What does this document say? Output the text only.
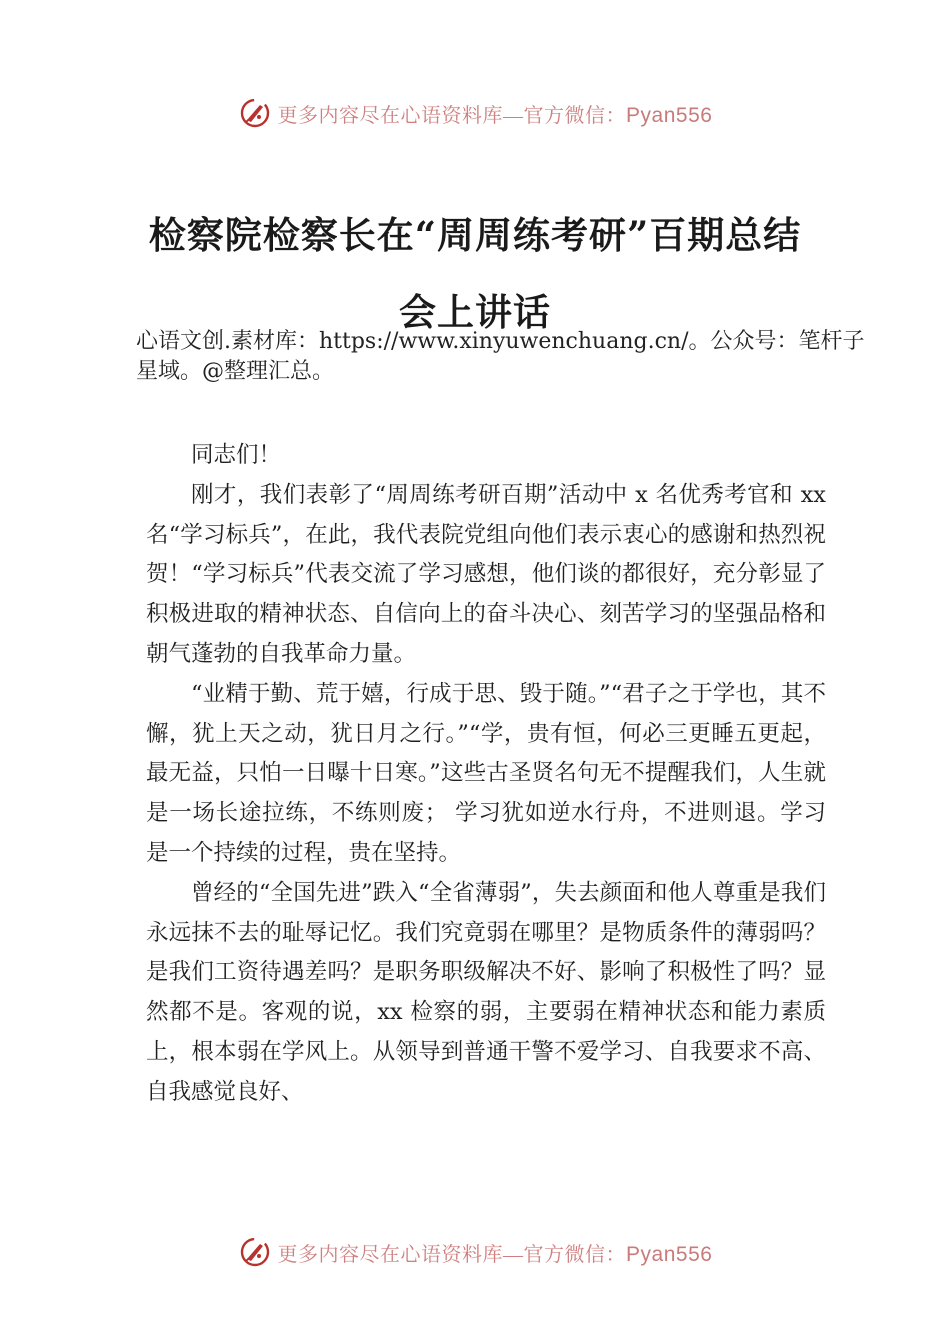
更多内容尽在心语资料库—官方微信：Pyan556
检察院检察长在“周周练考研”百期总结
会上讲话

心语文创.素材库：https://www.xinyuwenchuang.cn/。公众号：笔杆子星域。@整理汇总。

同志们！

刚才，我们表彰了“周周练考研百期”活动中 x 名优秀考官和 xx 名“学习标兵”，在此，我代表院党组向他们表示衷心的感谢和热烈祝贺！“学习标兵”代表交流了学习感想，他们谈的都很好，充分彰显了积极进取的精神状态、自信向上的奋斗决心、刻苦学习的坚强品格和朝气蓬勃的自我革命力量。

“业精于勤、荒于嬉，行成于思、毁于随。”“君子之于学也，其不懈，犹上天之动，犹日月之行。”“学，贵有恒，何必三更睡五更起，最无益，只怕一日曝十日寒。”这些古圣贤名句无不提醒我们，人生就是一场长途拉练，不练则废； 学习犹如逆水行舟，不进则退。学习是一个持续的过程，贵在坚持。

曾经的“全国先进”跌入“全省薄弱”，失去颜面和他人尊重是我们永远抹不去的耻辱记忆。我们究竟弱在哪里？是物质条件的薄弱吗？是我们工资待遇差吗？是职务职级解决不好、影响了积极性了吗？显然都不是。客观的说，xx 检察的弱，主要弱在精神状态和能力素质上，根本弱在学风上。从领导到普通干警不爱学习、自我要求不高、自我感觉良好、

更多内容尽在心语资料库—官方微信：Pyan556
